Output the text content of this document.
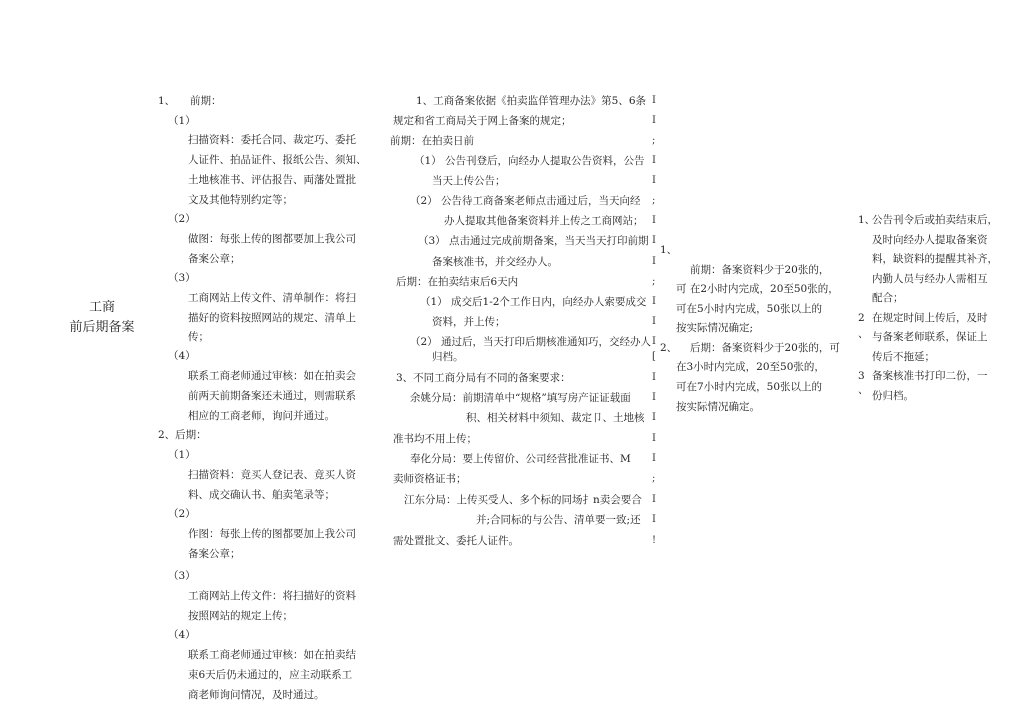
工商
前后期备案
1、 前期：
（1）
扫描资料：委托合同、裁定巧、委托
人证件、拍品证件、报纸公告、须知、
土地核准书、评估报告、両藩处置批
文及其他特别约定等；
（2）
做图：每张上传的图都要加上我公司
备案公章；
（3）
工商网站上传文件、清单制作：将扫
描好的资料按照网站的规定、清单上
传；
（4）
联系工商老师通过审核：如在拍卖会
前两天前期备案还未通过，则需联系
相应的工商老师，询问并通过。
2、后期：
（1）
扫描资料：竟买人登记表、竟买人资
料、成交确认书、舶卖笔录等；
（2）
作图：每张上传的图都要加上我公司
备案公章；
（3）
工商网站上传文件：将扫描好的资料
按照网站的规定上传；
（4）
联系工商老师通过审核：如在拍卖结
束6天后仍未通过的，应主动联系工
商老师询问情况，及时通过。
1、工商备案依据《拍卖监佯管理办法》第5、6条
规定和省工商局关于网上备案的规定；
前期：在拍卖日前
（1） 公告刊登后，向经办人提取公告资料，公告
当天上传公告；
（2） 公告待工商备案老师点击通过后，当天向经
办人提取其他备案资料并上传之工商网站；
（3） 点击通过完成前期备案，当天当天打印前期
备案核准书，并交经办人。
后期：在拍卖结束后6天内
（1） 成交后1-2个工作日内，向经办人索要成交
资料，并上传；
（2） 通过后，当天打印后期核准通知巧，交经办人
归档。
3、不同工商分局有不同的备案要求：
余姚分局：前期清单中“规格”填写房产证证载面
积、相关材料中须知、裁定卩、土地核
准书均不用上传；
奉化分局：要上传留价、公司经营批准证书、M
卖师资格证书；
江东分局：上传买受人、多个标的同场扌n卖会要合
并;合同标的与公告、清单要一致;还
需处置批文、委托人证件。
1、
前期：备案资料少于20张的，
可 在2小时内完成，20至50张的，
可在5小时内完成，50张以上的
按实际情况确定;
2、 后期：备案资料少于20张的，可
在3小时内完成，20至50张的，
可在7小时内完成，50张以上的
按实际情况确定。
1、
公告刊令后或拍卖结束后，
及时向经办人提取备案资
料，缺资料的提醒其补齐，
内勤人员与经办人需相互
配合；
2 在规定时间上传后，及时
与备案老师联系，保证上
、
传后不拖延；
3 备案核准书打印二份，一
、 份归档。
I
I
;
I
I
;
I
I
I
;
I
I
I
[
I
I
I
I
I
;
I
I
!
